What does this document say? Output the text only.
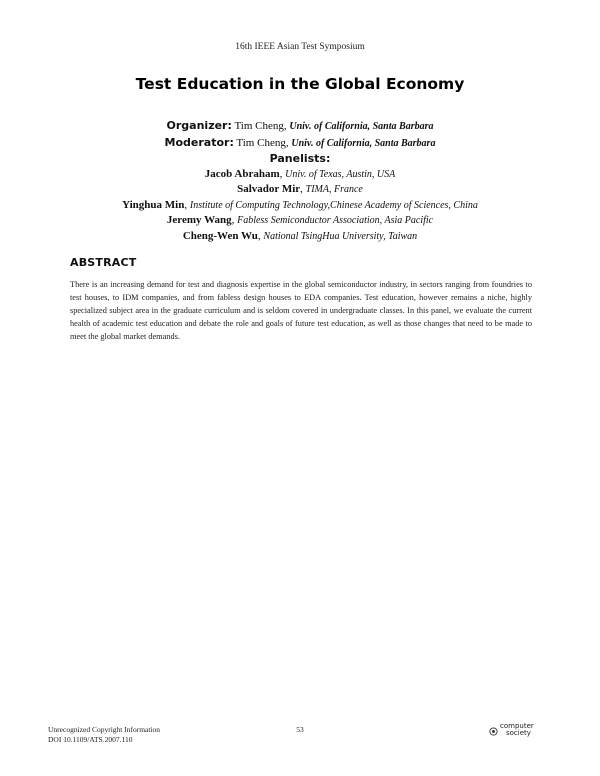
16th IEEE Asian Test Symposium
Test Education in the Global Economy
Organizer: Tim Cheng, Univ. of California, Santa Barbara
Moderator: Tim Cheng, Univ. of California, Santa Barbara
Panelists:
Jacob Abraham, Univ. of Texas, Austin, USA
Salvador Mir, TIMA, France
Yinghua Min, Institute of Computing Technology,Chinese Academy of Sciences, China
Jeremy Wang, Fabless Semiconductor Association, Asia Pacific
Cheng-Wen Wu, National TsingHua University, Taiwan
ABSTRACT
There is an increasing demand for test and diagnosis expertise in the global semiconductor industry, in sectors ranging from foundries to test houses, to IDM companies, and from fabless design houses to EDA companies. Test education, however remains a niche, highly specialized subject area in the graduate curriculum and is seldom covered in undergraduate classes. In this panel, we evaluate the current health of academic test education and debate the role and goals of future test education, as well as those changes that need to be made to meet the global market demands.
Unrecognized Copyright Information
DOI 10.1109/ATS.2007.110
53	computer
society
